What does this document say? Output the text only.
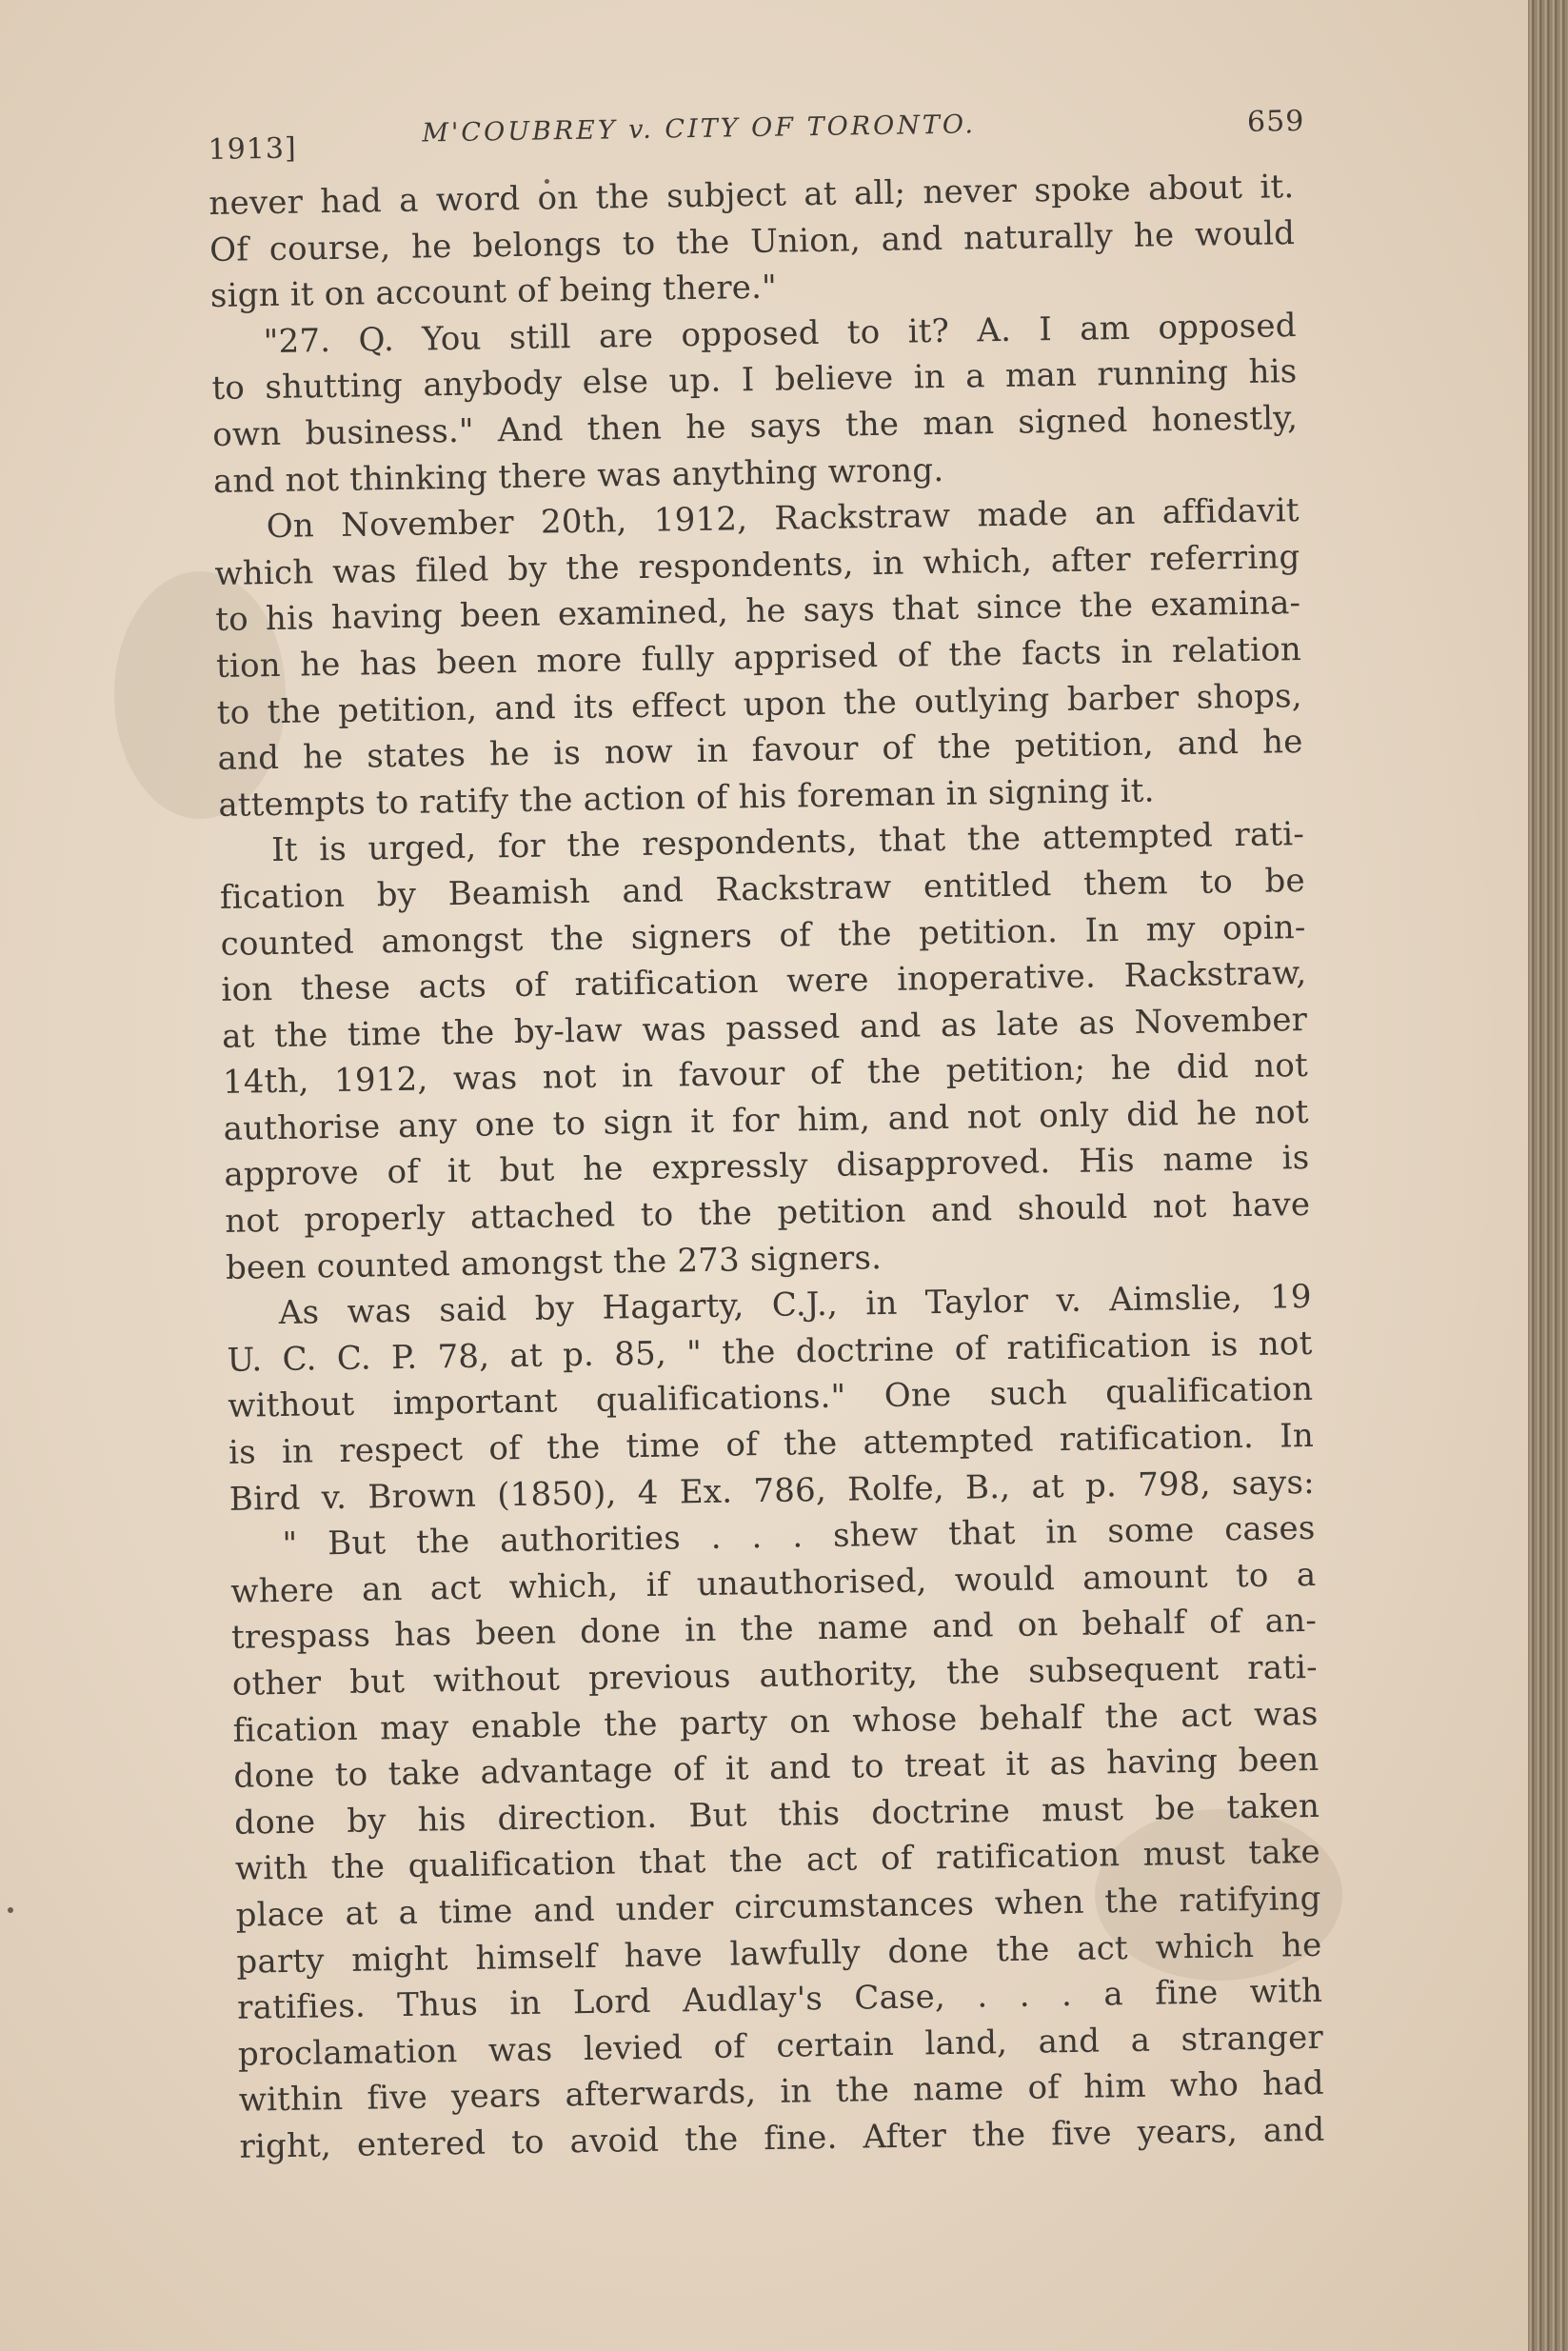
1913]
M'COUBREY v. CITY OF TORONTO.	659

never had a word on the subject at all; never spoke about it.
Of course, he belongs to the Union, and naturally he would
sign it on account of being there."

"27. Q. You still are opposed to it? A. I am opposed
to shutting anybody else up. I believe in a man running his
own business." And then he says the man signed honestly,
and not thinking there was anything wrong.

On November 20th, 1912, Rackstraw made an affidavit
which was filed by the respondents, in which, after referring
to his having been examined, he says that since the examina-
tion he has been more fully apprised of the facts in relation
to the petition, and its effect upon the outlying barber shops,
and he states he is now in favour of the petition, and he
attempts to ratify the action of his foreman in signing it.

It is urged, for the respondents, that the attempted rati-
fication by Beamish and Rackstraw entitled them to be
counted amongst the signers of the petition. In my opin-
ion these acts of ratification were inoperative. Rackstraw,
at the time the by-law was passed and as late as November
14th, 1912, was not in favour of the petition; he did not
authorise any one to sign it for him, and not only did he not
approve of it but he expressly disapproved. His name is
not properly attached to the petition and should not have
been counted amongst the 273 signers.

As was said by Hagarty, C.J., in Taylor v. Aimslie, 19
U. C. C. P. 78, at p. 85, " the doctrine of ratification is not
without important qualifications." One such qualification
is in respect of the time of the attempted ratification. In
Bird v. Brown (1850), 4 Ex. 786, Rolfe, B., at p. 798, says:

" But the authorities . . . shew that in some cases
where an act which, if unauthorised, would amount to a
trespass has been done in the name and on behalf of an-
other but without previous authority, the subsequent rati-
fication may enable the party on whose behalf the act was
done to take advantage of it and to treat it as having been
done by his direction. But this doctrine must be taken
with the qualification that the act of ratification must take
place at a time and under circumstances when the ratifying
party might himself have lawfully done the act which he
ratifies. Thus in Lord Audlay's Case, . . . a fine with
proclamation was levied of certain land, and a stranger
within five years afterwards, in the name of him who had
right, entered to avoid the fine. After the five years, and
